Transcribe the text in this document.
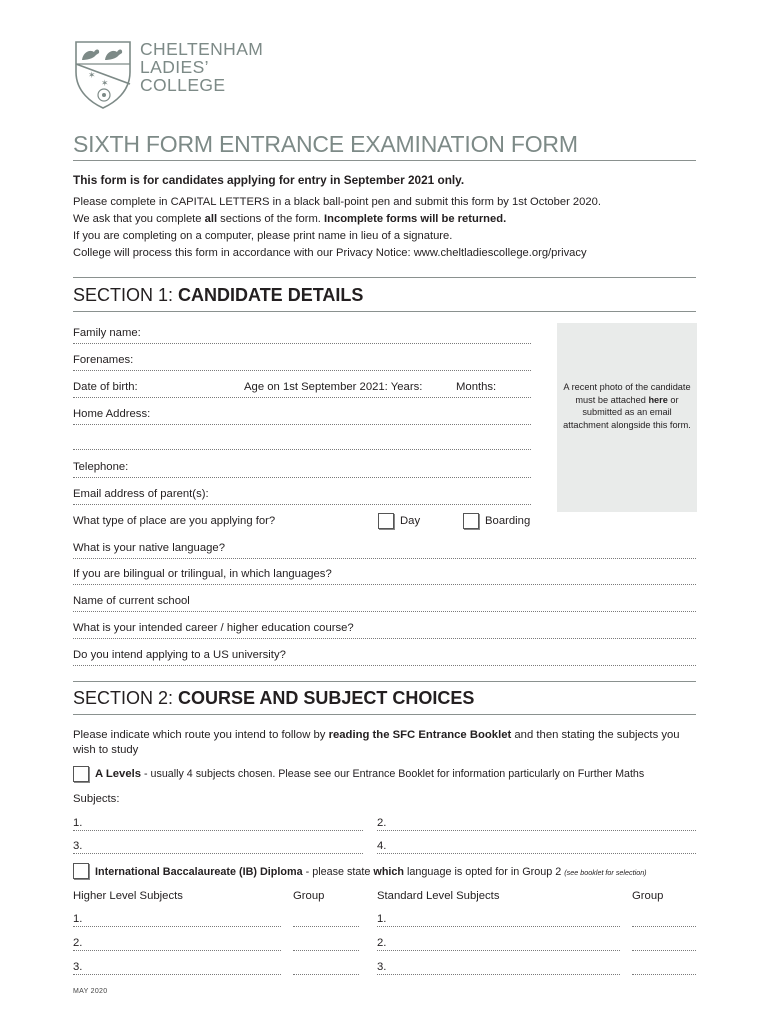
✶
✶
CHELTENHAM
LADIES’
COLLEGE
SIXTH FORM ENTRANCE EXAMINATION FORM
This form is for candidates applying for entry in September 2021 only.
Please complete in CAPITAL LETTERS in a black ball-point pen and submit this form by 1st October 2020.
We ask that you complete all sections of the form. Incomplete forms will be returned.
If you are completing on a computer, please print name in lieu of a signature.
College will process this form in accordance with our Privacy Notice: www.cheltladiescollege.org/privacy
SECTION 1: CANDIDATE DETAILS
Family name:
Forenames:
Date of birth:	Age on 1st September 2021: Years:	Months:
Home Address:
Telephone:
Email address of parent(s):
What type of place are you applying for?	Day	Boarding
What is your native language?
If you are bilingual or trilingual, in which languages?
Name of current school
What is your intended career / higher education course?
Do you intend applying to a US university?
A recent photo of the candidate must be attached here or submitted as an email attachment alongside this form.
SECTION 2: COURSE AND SUBJECT CHOICES
Please indicate which route you intend to follow by reading the SFC Entrance Booklet and then stating the subjects you wish to study
A Levels - usually 4 subjects chosen. Please see our Entrance Booklet for information particularly on Further Maths
Subjects:
1.	2.
3.	4.
International Baccalaureate (IB) Diploma - please state which language is opted for in Group 2 (see booklet for selection)
Higher Level Subjects	Group	Standard Level Subjects	Group
1.	1.
2.	2.
3.	3.
MAY 2020
